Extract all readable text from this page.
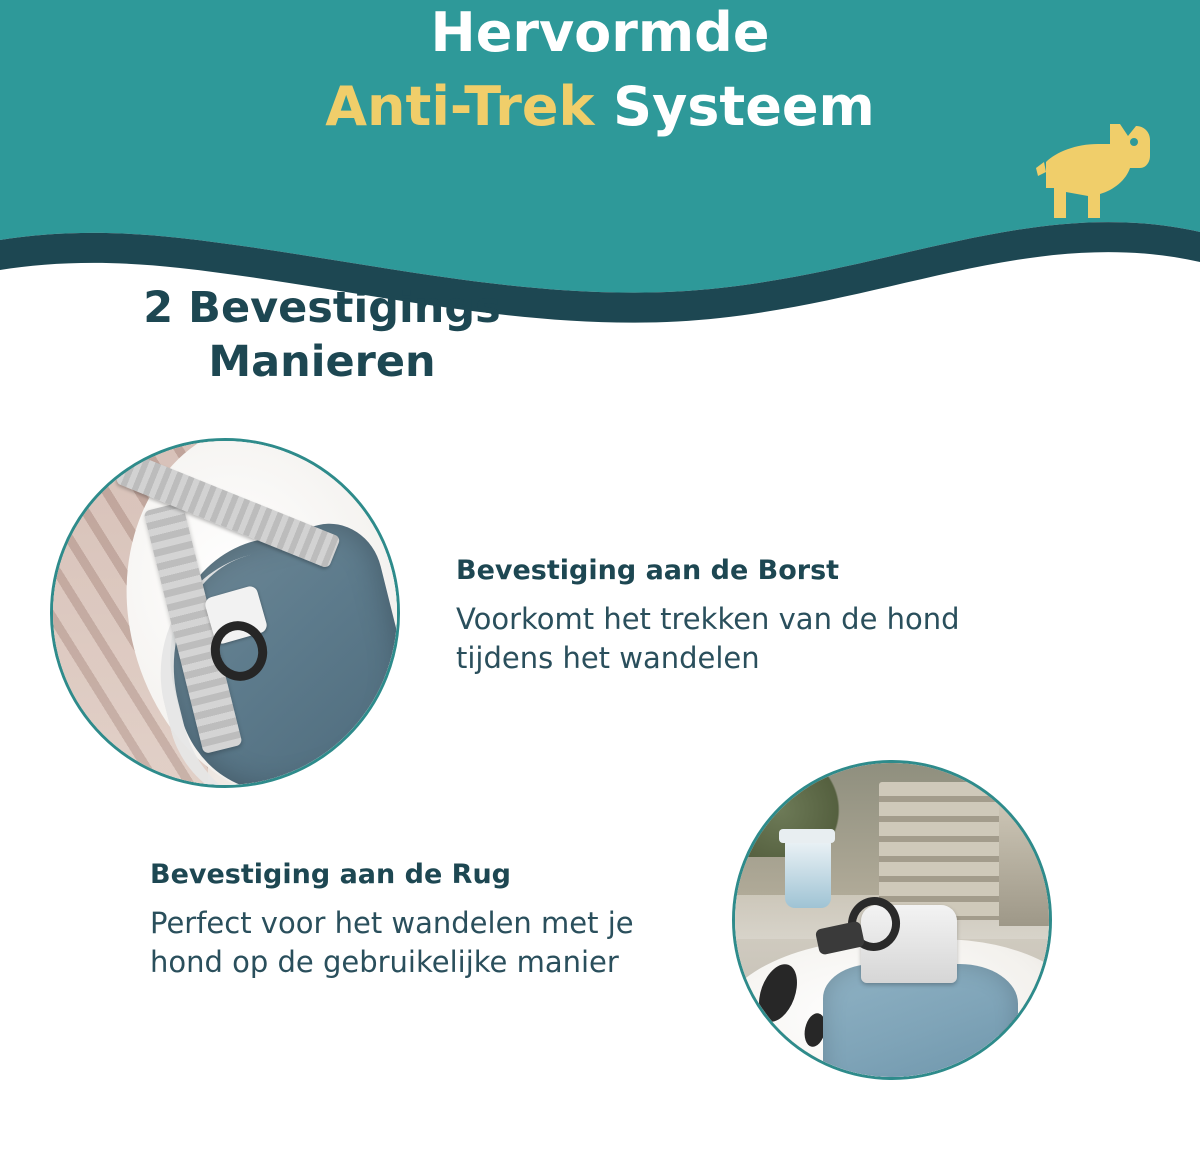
Hervormde
Anti-Trek Systeem
2 Bevestigings
Manieren
Bevestiging aan de Borst
Voorkomt het trekken van de hond tijdens het wandelen
Bevestiging aan de Rug
Perfect voor het wandelen met je hond op de gebruikelijke manier
